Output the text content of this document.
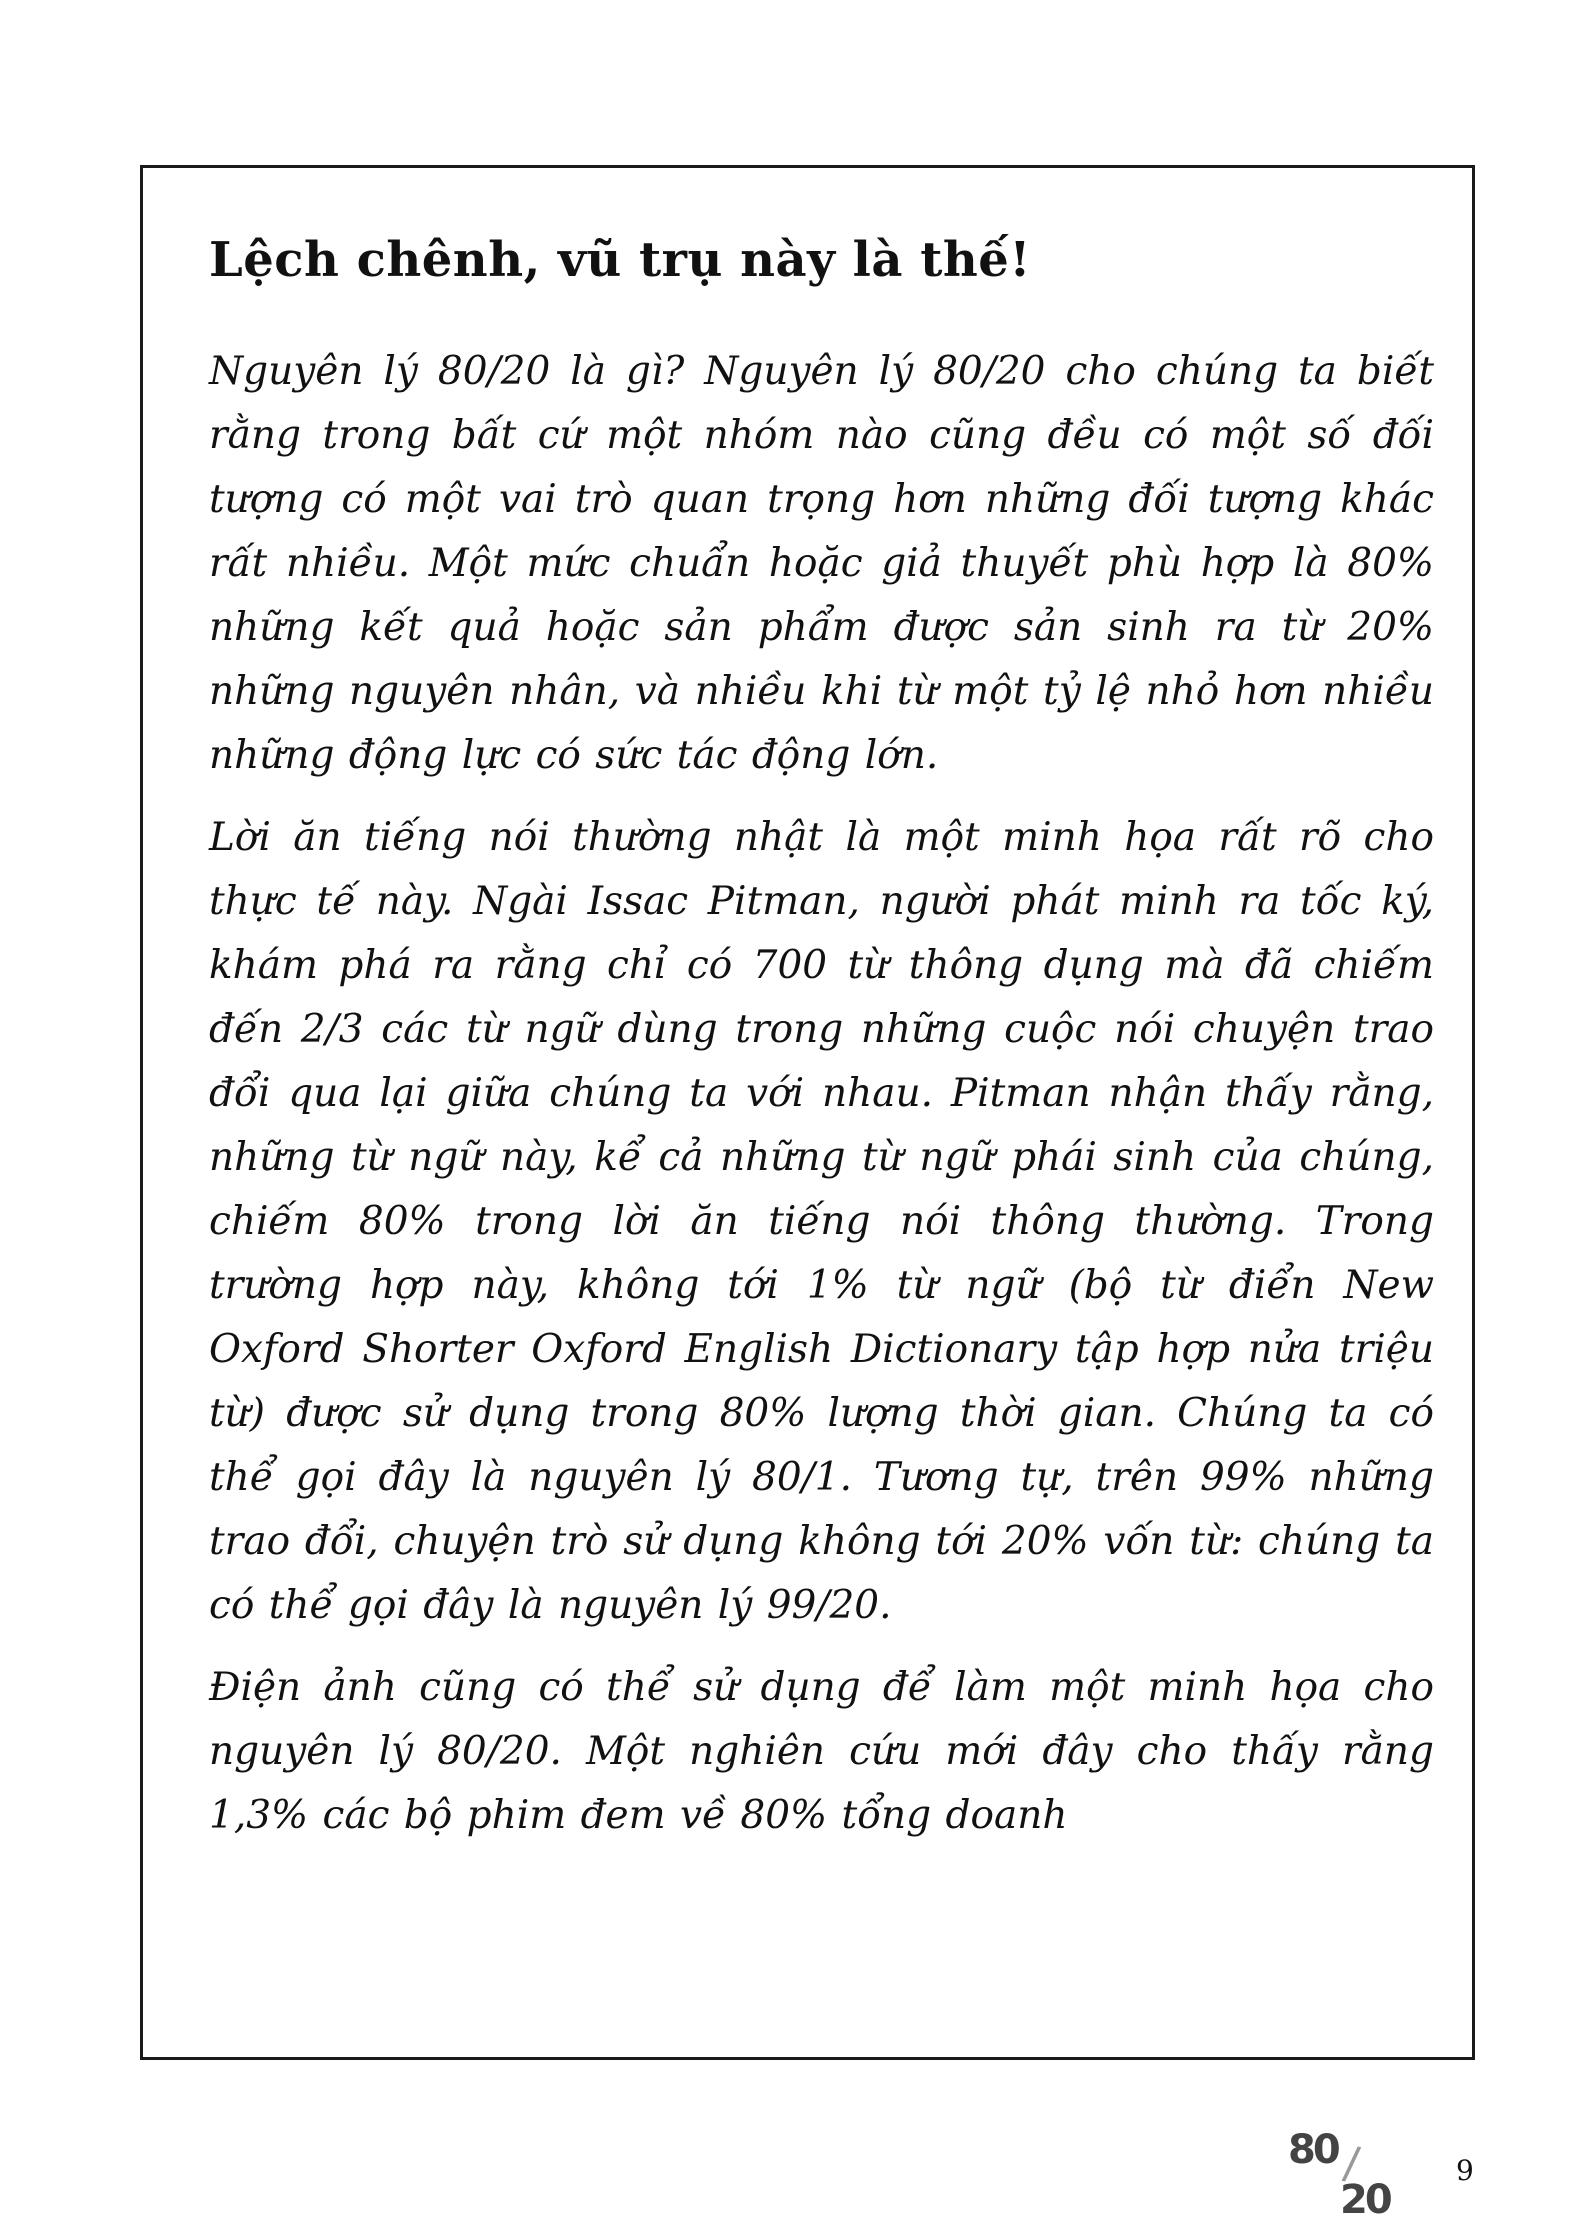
Lệch chênh, vũ trụ này là thế!

Nguyên lý 80/20 là gì? Nguyên lý 80/20 cho chúng ta biết rằng trong bất cứ một nhóm nào cũng đều có một số đối tượng có một vai trò quan trọng hơn những đối tượng khác rất nhiều. Một mức chuẩn hoặc giả thuyết phù hợp là 80% những kết quả hoặc sản phẩm được sản sinh ra từ 20% những nguyên nhân, và nhiều khi từ một tỷ lệ nhỏ hơn nhiều những động lực có sức tác động lớn.

Lời ăn tiếng nói thường nhật là một minh họa rất rõ cho thực tế này. Ngài Issac Pitman, người phát minh ra tốc ký, khám phá ra rằng chỉ có 700 từ thông dụng mà đã chiếm đến 2/3 các từ ngữ dùng trong những cuộc nói chuyện trao đổi qua lại giữa chúng ta với nhau. Pitman nhận thấy rằng, những từ ngữ này, kể cả những từ ngữ phái sinh của chúng, chiếm 80% trong lời ăn tiếng nói thông thường. Trong trường hợp này, không tới 1% từ ngữ (bộ từ điển New Oxford Shorter Oxford English Dictionary tập hợp nửa triệu từ) được sử dụng trong 80% lượng thời gian. Chúng ta có thể gọi đây là nguyên lý 80/1. Tương tự, trên 99% những trao đổi, chuyện trò sử dụng không tới 20% vốn từ: chúng ta có thể gọi đây là nguyên lý 99/20.

Điện ảnh cũng có thể sử dụng để làm một minh họa cho nguyên lý 80/20. Một nghiên cứu mới đây cho thấy rằng 1,3% các bộ phim đem về 80% tổng doanh

80 /
20
9
